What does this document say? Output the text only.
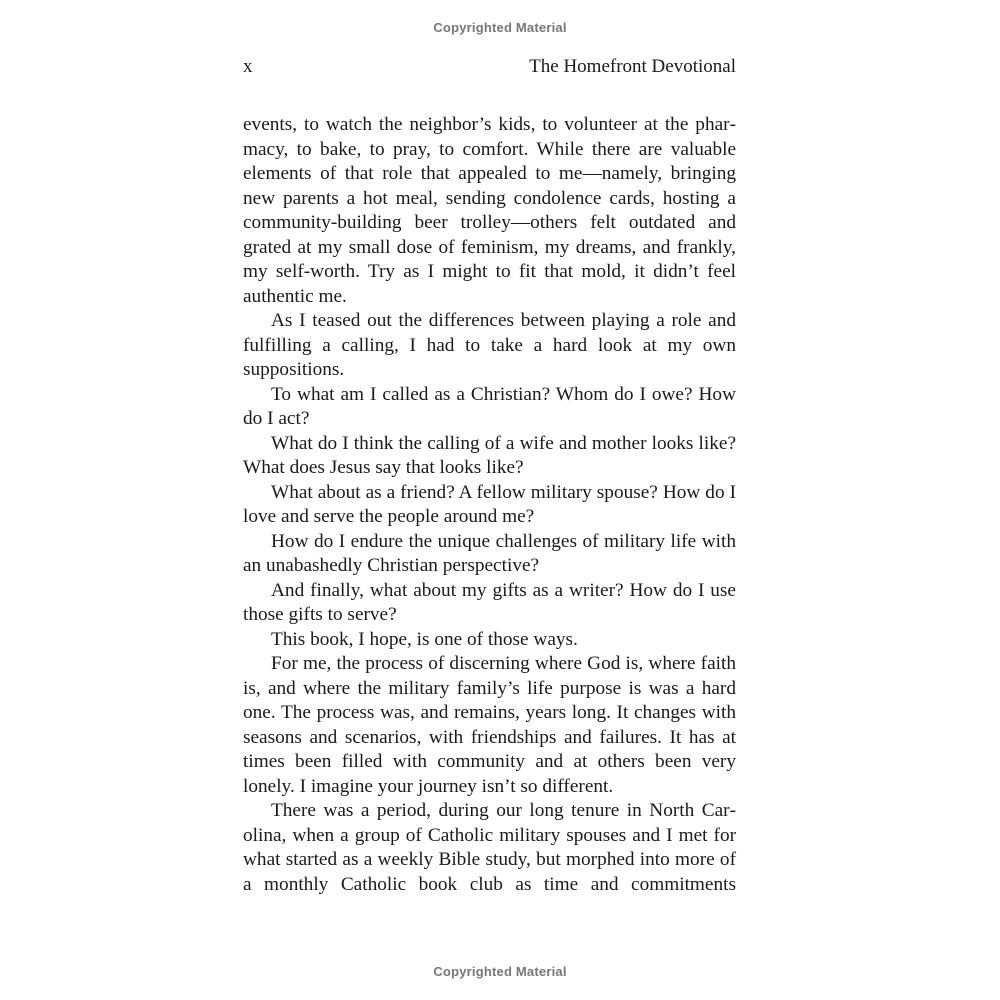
Copyrighted Material
x	The Homefront Devotional

events, to watch the neighbor’s kids, to volunteer at the pharmacy, to bake, to pray, to comfort. While there are valuable elements of that role that appealed to me—namely, bringing new parents a hot meal, sending condolence cards, hosting a community-building beer trolley—others felt outdated and grated at my small dose of feminism, my dreams, and frankly, my self-worth. Try as I might to fit that mold, it didn’t feel authentic me.

As I teased out the differences between playing a role and fulfilling a calling, I had to take a hard look at my own suppositions.

To what am I called as a Christian? Whom do I owe? How do I act?

What do I think the calling of a wife and mother looks like? What does Jesus say that looks like?

What about as a friend? A fellow military spouse? How do I love and serve the people around me?

How do I endure the unique challenges of military life with an unabashedly Christian perspective?

And finally, what about my gifts as a writer? How do I use those gifts to serve?

This book, I hope, is one of those ways.

For me, the process of discerning where God is, where faith is, and where the military family’s life purpose is was a hard one. The process was, and remains, years long. It changes with seasons and scenarios, with friendships and failures. It has at times been filled with community and at others been very lonely. I imagine your journey isn’t so different.

There was a period, during our long tenure in North Carolina, when a group of Catholic military spouses and I met for what started as a weekly Bible study, but morphed into more of a monthly Catholic book club as time and commitments

Copyrighted Material
